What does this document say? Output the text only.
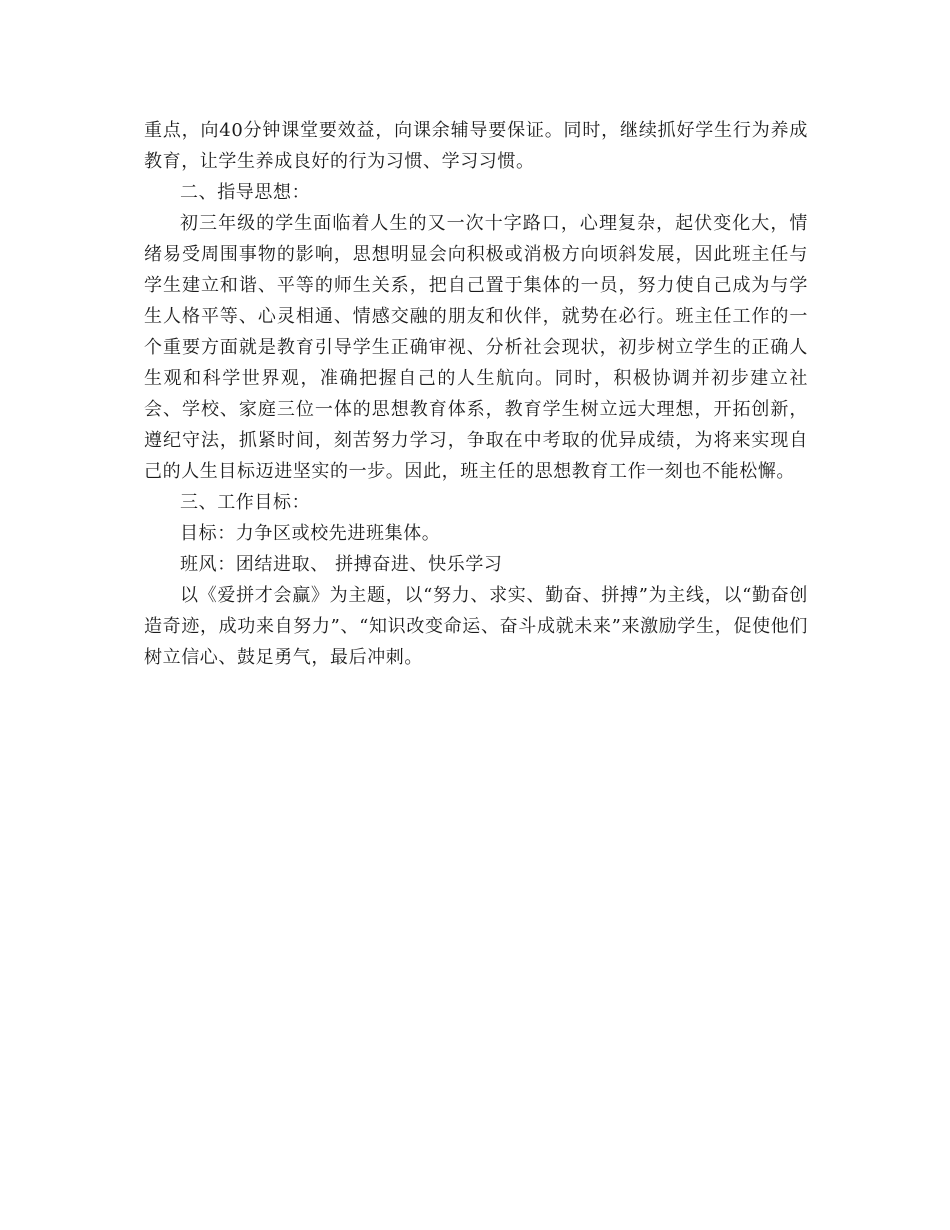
重点，向40分钟课堂要效益，向课余辅导要保证。同时，继续抓好学生行为养成教育，让学生养成良好的行为习惯、学习习惯。

二、指导思想：

初三年级的学生面临着人生的又一次十字路口，心理复杂，起伏变化大，情绪易受周围事物的影响，思想明显会向积极或消极方向顷斜发展，因此班主任与学生建立和谐、平等的师生关系，把自己置于集体的一员，努力使自己成为与学生人格平等、心灵相通、情感交融的朋友和伙伴，就势在必行。班主任工作的一个重要方面就是教育引导学生正确审视、分析社会现状，初步树立学生的正确人生观和科学世界观，准确把握自己的人生航向。同时，积极协调并初步建立社会、学校、家庭三位一体的思想教育体系，教育学生树立远大理想，开拓创新，遵纪守法，抓紧时间，刻苦努力学习，争取在中考取的优异成绩，为将来实现自己的人生目标迈进坚实的一步。因此，班主任的思想教育工作一刻也不能松懈。

三、工作目标：

目标：力争区或校先进班集体。

班风：团结进取、 拼搏奋进、快乐学习

以《爱拼才会赢》为主题，以“努力、求实、勤奋、拼搏”为主线，以“勤奋创造奇迹，成功来自努力”、“知识改变命运、奋斗成就未来”来激励学生，促使他们树立信心、鼓足勇气，最后冲刺。
